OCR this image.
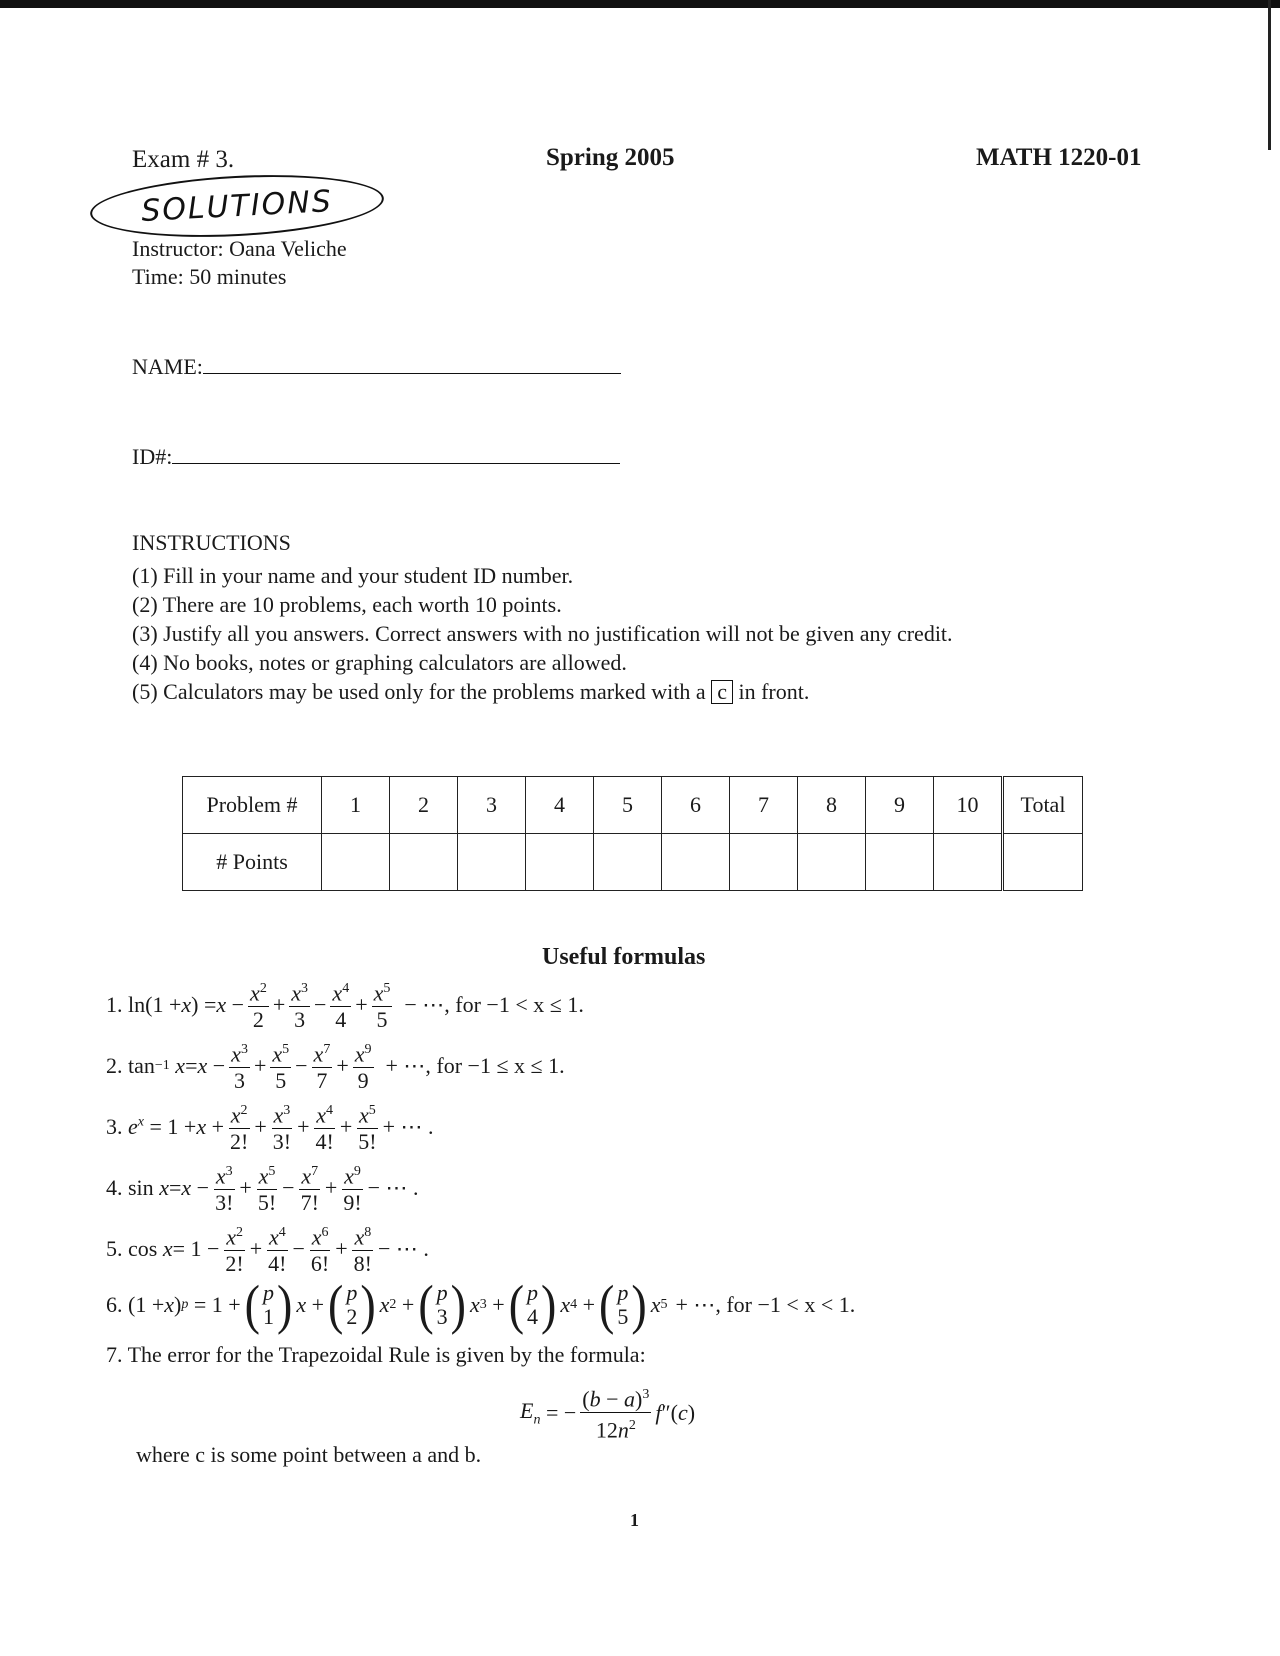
Exam # 3.	Spring 2005	MATH 1220-01
SOLUTIONS
Instructor: Oana Veliche
Time: 50 minutes
NAME:
ID#:
INSTRUCTIONS
(1) Fill in your name and your student ID number.
(2) There are 10 problems, each worth 10 points.
(3) Justify all you answers. Correct answers with no justification will not be given any credit.
(4) No books, notes or graphing calculators are allowed.
(5) Calculators may be used only for the problems marked with a c in front.
Problem #	1	2	3	4	5	6	7	8	9	10	Total
# Points											
Useful formulas
1. ln(1 + x ) = $x - \frac{x^2}{2} + \frac{x^3}{3} - \frac{x^4}{4} + \frac{x^5}{5}$ − ⋯, for −1 < x ≤ 1.
2. tan −1
$x = x - \frac{x^3}{3} + \frac{x^5}{5} - \frac{x^7}{7} + \frac{x^9}{9}$ + ⋯, for −1 ≤ x ≤ 1.
3. $e^x = 1 + x + \frac{x^2}{2!} + \frac{x^3}{3!} + \frac{x^4}{4!} + \frac{x^5}{5!}$ + ⋯ .
4. $\sin x = x - \frac{x^3}{3!} + \frac{x^5}{5!} - \frac{x^7}{7!} + \frac{x^9}{9!}$ − ⋯ .
5. $\cos x = 1 - \frac{x^2}{2!} + \frac{x^4}{4!} - \frac{x^6}{6!} + \frac{x^8}{8!}$ − ⋯ .
6. (1 + x ) p = 1 + ( p
1 ) x + ( p
2 ) x 2 + ( p
3 ) x 3 + ( p
4 ) x 4 + ( p
5 ) x 5 + ⋯, for −1 < x < 1.
7. The error for the Trapezoidal Rule is given by the formula:
$E_n$ = − $\frac{(b - a)^3}{12n^2}$ f ″( c )
where c is some point between a and b.
1
